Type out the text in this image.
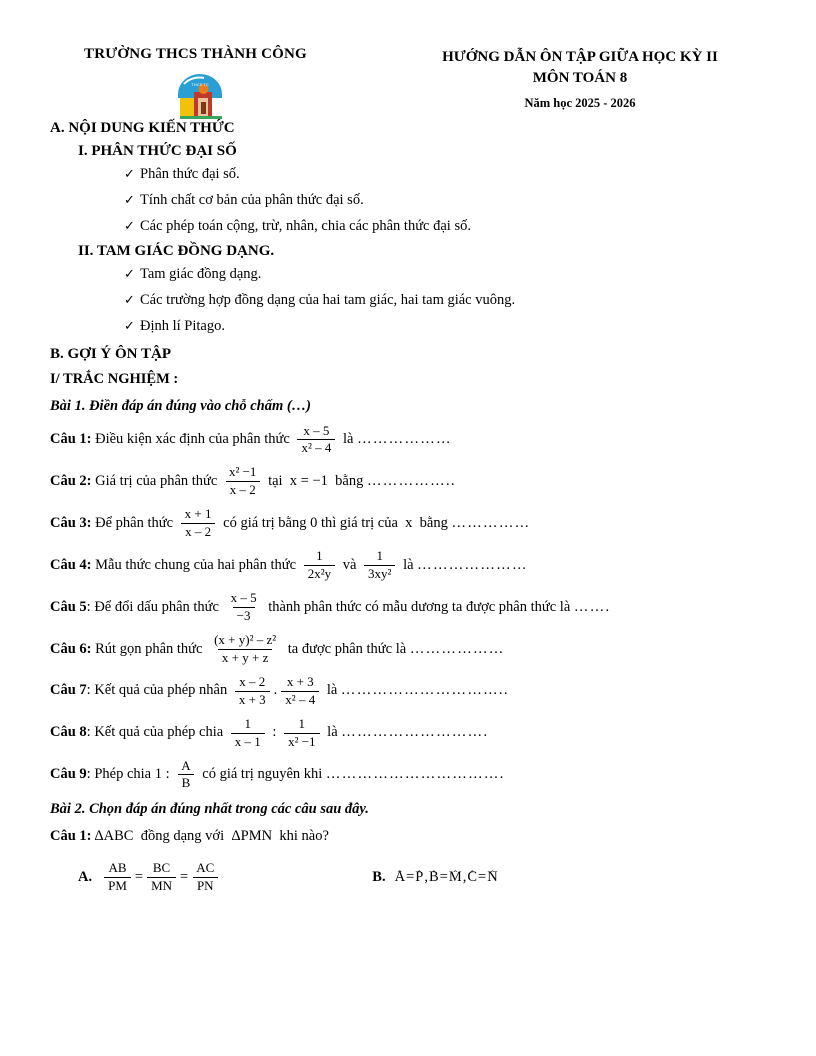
TRƯỜNG THCS THÀNH CÔNG	HƯỚNG DẪN ÔN TẬP GIỮA HỌC KỲ II
MÔN TOÁN 8
Năm học 2025 - 2026
THCS TC
A. NỘI DUNG KIẾN THỨC
I. PHÂN THỨC ĐẠI SỐ
✓ Phân thức đại số.
✓ Tính chất cơ bản của phân thức đại số.
✓ Các phép toán cộng, trừ, nhân, chia các phân thức đại số.
II. TAM GIÁC ĐỒNG DẠNG.
✓ Tam giác đồng dạng.
✓ Các trường hợp đồng dạng của hai tam giác, hai tam giác vuông.
✓ Định lí Pitago.
B. GỢI Ý ÔN TẬP
I/ TRẮC NGHIỆM :
Bài 1. Điền đáp án đúng vào chỗ chấm (…)
Câu 1: Điều kiện xác định của phân thức $\frac{x - 5}{\text{x² – 4}}$ là ………………
Câu 2: Giá trị của phân thức $\frac{\text{x² −1}}{x - 2}$ tại  x = −1  bằng ……………..
Câu 3: Để phân thức $\frac{x + 1}{x - 2}$ có giá trị bằng 0 thì giá trị của  x  bằng ……………
Câu 4: Mẫu thức chung của hai phân thức $\frac{1}{\text{2x²y}}$ và $\frac{1}{\text{3xy²}}$ là …………………
Câu 5 : Để đổi dấu phân thức $\frac{x - 5}{-3}$ thành phân thức có mẫu dương ta được phân thức là …….
Câu 6: Rút gọn phân thức $\frac{\text{(x + y)² – z²}}{x + y + z}$ ta được phân thức là ………………
Câu 7 : Kết quả của phép nhân $\frac{x - 2}{x + 3}$ . $\frac{x + 3}{\text{x² – 4}}$ là …………………………..
Câu 8 : Kết quả của phép chia $\frac{1}{x - 1}$ : $\frac{1}{\text{x² −1}}$ là ……………………….
Câu 9 : Phép chia 1 : $\frac{A}{B}$ có giá trị nguyên khi …………………………….
Bài 2. Chọn đáp án đúng nhất trong các câu sau đây.
Câu 1: ΔABC  đồng dạng với  ΔPMN  khi nào?
A. $\frac{AB}{PM} = \frac{BC}{MN} = \frac{AC}{PN}$	B. ‸ A = ‸ P , ‸ B = ‸ M , ‸ C = ‸ N
